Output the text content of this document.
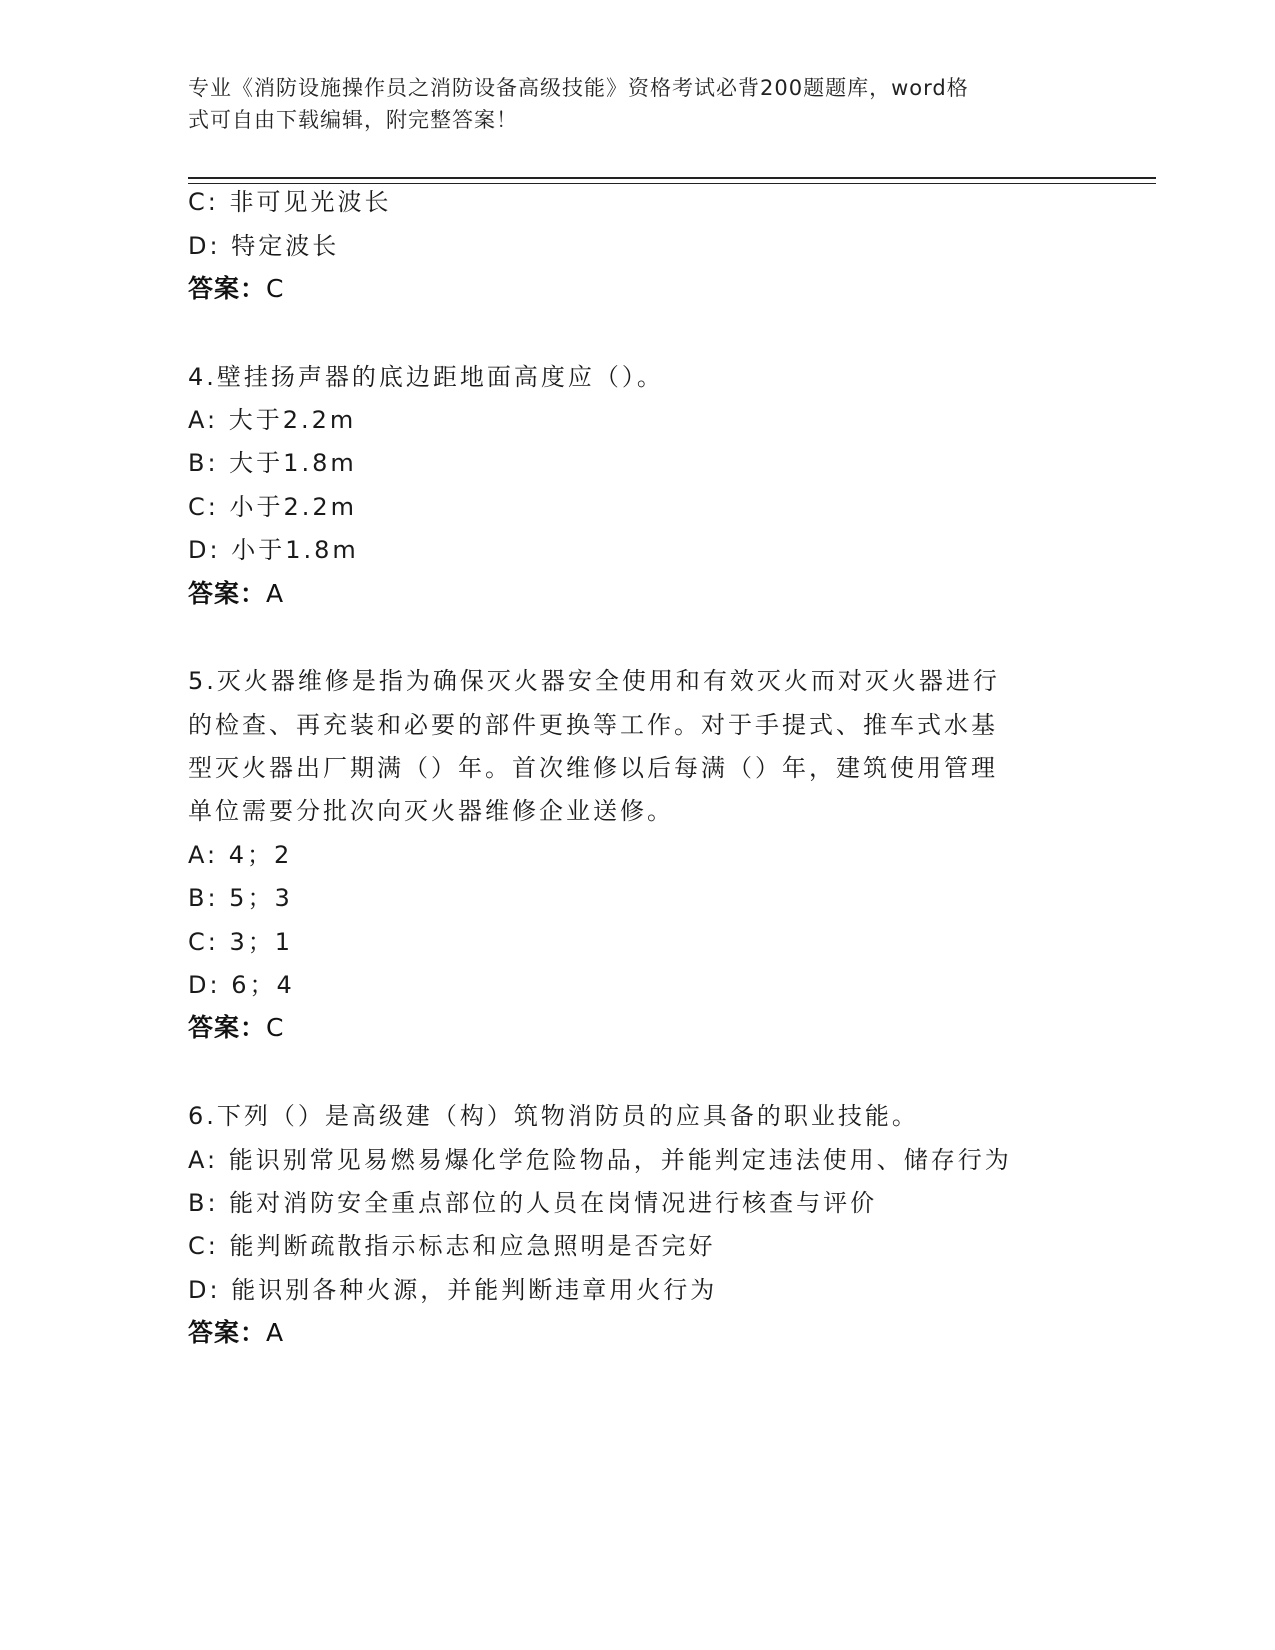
专业《消防设施操作员之消防设备高级技能》资格考试必背200题题库，word格
式可自由下载编辑，附完整答案！
C: 非可见光波长
D: 特定波长
答案：C
4.壁挂扬声器的底边距地面高度应（）。
A: 大于2.2m
B: 大于1.8m
C: 小于2.2m
D: 小于1.8m
答案：A
5.灭火器维修是指为确保灭火器安全使用和有效灭火而对灭火器进行
的检查、再充装和必要的部件更换等工作。对于手提式、推车式水基
型灭火器出厂期满（）年。首次维修以后每满（）年，建筑使用管理
单位需要分批次向灭火器维修企业送修。
A: 4；2
B: 5；3
C: 3；1
D: 6；4
答案：C
6.下列（）是高级建（构）筑物消防员的应具备的职业技能。
A: 能识别常见易燃易爆化学危险物品，并能判定违法使用、储存行为
B: 能对消防安全重点部位的人员在岗情况进行核查与评价
C: 能判断疏散指示标志和应急照明是否完好
D: 能识别各种火源，并能判断违章用火行为
答案：A
